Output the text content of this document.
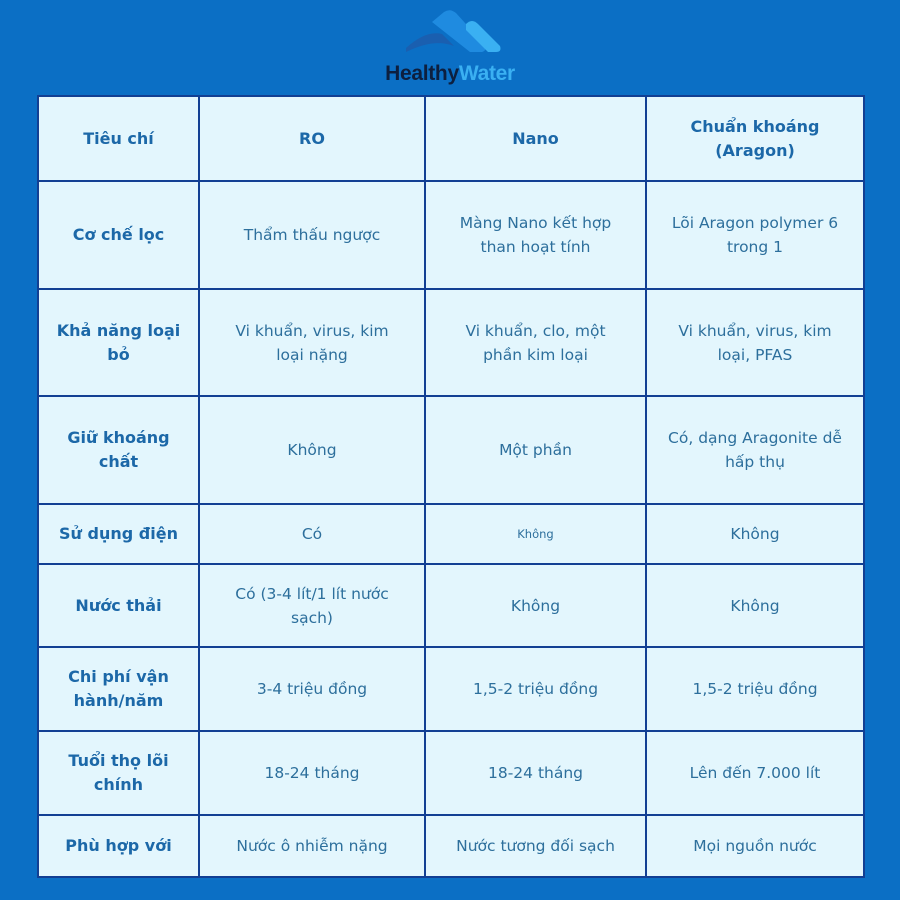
HealthyWater
Tiêu chí	RO	Nano	Chuẩn khoáng (Aragon)
Cơ chế lọc	Thẩm thấu ngược	Màng Nano kết hợp than hoạt tính	Lõi Aragon polymer 6 trong 1
Khả năng loại bỏ	Vi khuẩn, virus, kim loại nặng	Vi khuẩn, clo, một phần kim loại	Vi khuẩn, virus, kim loại, PFAS
Giữ khoáng chất	Không	Một phần	Có, dạng Aragonite dễ hấp thụ
Sử dụng điện	Có	Không	Không
Nước thải	Có (3-4 lít/1 lít nước sạch)	Không	Không
Chi phí vận hành/năm	3-4 triệu đồng	1,5-2 triệu đồng	1,5-2 triệu đồng
Tuổi thọ lõi chính	18-24 tháng	18-24 tháng	Lên đến 7.000 lít
Phù hợp với	Nước ô nhiễm nặng	Nước tương đối sạch	Mọi nguồn nước
